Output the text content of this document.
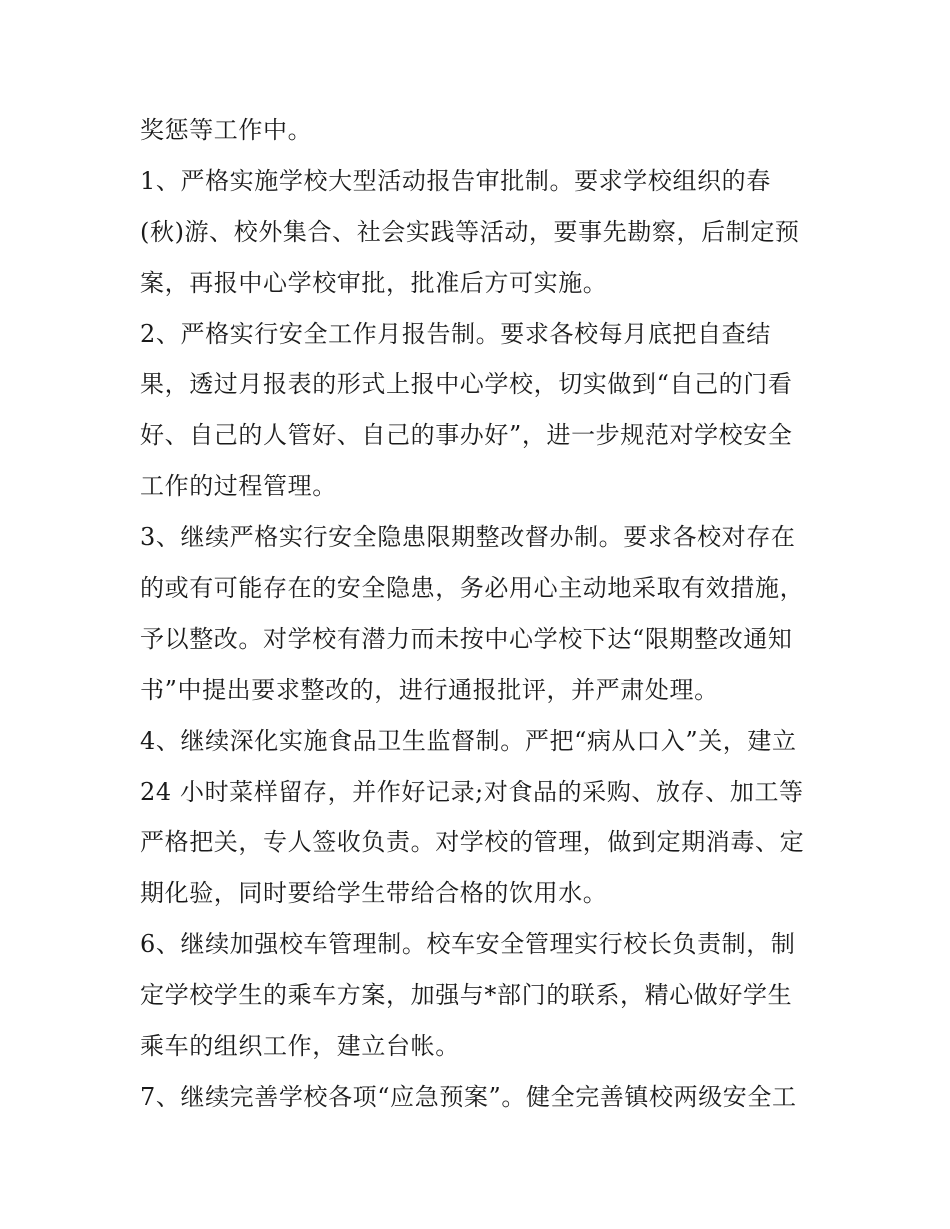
奖惩等工作中。
1、严格实施学校大型活动报告审批制。要求学校组织的春
(秋)游、校外集合、社会实践等活动，要事先勘察，后制定预
案，再报中心学校审批，批准后方可实施。
2、严格实行安全工作月报告制。要求各校每月底把自查结
果，透过月报表的形式上报中心学校，切实做到“自己的门看
好、自己的人管好、自己的事办好”，进一步规范对学校安全
工作的过程管理。
3、继续严格实行安全隐患限期整改督办制。要求各校对存在
的或有可能存在的安全隐患，务必用心主动地采取有效措施，
予以整改。对学校有潜力而未按中心学校下达“限期整改通知
书”中提出要求整改的，进行通报批评，并严肃处理。
4、继续深化实施食品卫生监督制。严把“病从口入”关，建立
24 小时菜样留存，并作好记录;对食品的采购、放存、加工等
严格把关，专人签收负责。对学校的管理，做到定期消毒、定
期化验，同时要给学生带给合格的饮用水。
6、继续加强校车管理制。校车安全管理实行校长负责制，制
定学校学生的乘车方案，加强与*部门的联系，精心做好学生
乘车的组织工作，建立台帐。
7、继续完善学校各项“应急预案”。健全完善镇校两级安全工
